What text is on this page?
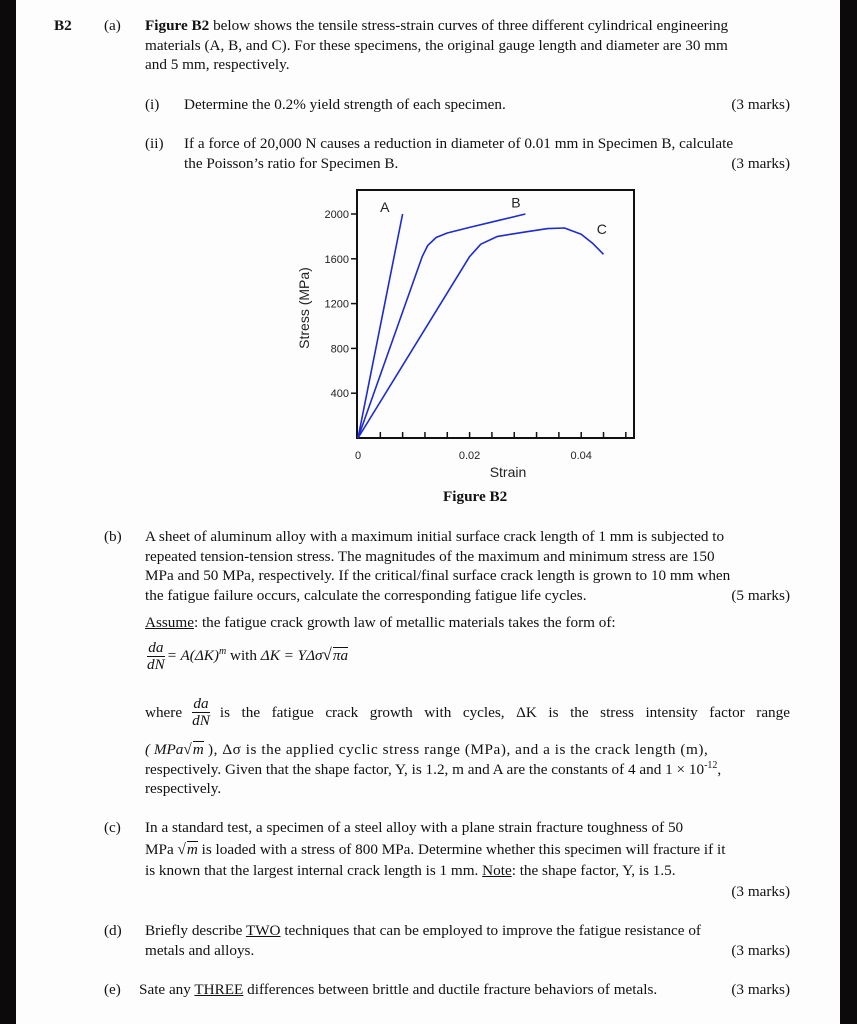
B2 (a) Figure B2 below shows the tensile stress-strain curves of three different cylindrical engineering
materials (A, B, and C). For these specimens, the original gauge length and diameter are 30 mm
and 5 mm, respectively.
(i) Determine the 0.2% yield strength of each specimen.	(3 marks)
(ii) If a force of 20,000 N causes a reduction in diameter of 0.01 mm in Specimen B, calculate
the Poisson’s ratio for Specimen B.	(3 marks)
400
800
1200
1600
2000
0	0.02	0.04
Strain
Stress (MPa)
A	B
C
Figure B2
(b) A sheet of aluminum alloy with a maximum initial surface crack length of 1 mm is subjected to
repeated tension-tension stress. The magnitudes of the maximum and minimum stress are 150
MPa and 50 MPa, respectively. If the critical/final surface crack length is grown to 10 mm when
the fatigue failure occurs, calculate the corresponding fatigue life cycles.	(5 marks)
Assume: the fatigue crack growth law of metallic materials takes the form of:
$\frac{da}{dN} = A(\Delta K)^m$ with ΔK = YΔσ√πa
where $\frac{da}{dN}$ is the fatigue crack growth with cycles, ΔK is the stress intensity factor range
( MPa√m ), Δσ is the applied cyclic stress range (MPa), and a is the crack length (m),
respectively. Given that the shape factor, Y, is 1.2, m and A are the constants of 4 and $1 \times 10^{-12}$,
respectively.
(c) In a standard test, a specimen of a steel alloy with a plane strain fracture toughness of 50
MPa √m is loaded with a stress of 800 MPa. Determine whether this specimen will fracture if it
is known that the largest internal crack length is 1 mm. Note: the shape factor, Y, is 1.5.
(3 marks)
(d) Briefly describe TWO techniques that can be employed to improve the fatigue resistance of
metals and alloys.	(3 marks)
(e) Sate any THREE differences between brittle and ductile fracture behaviors of metals.	(3 marks)
